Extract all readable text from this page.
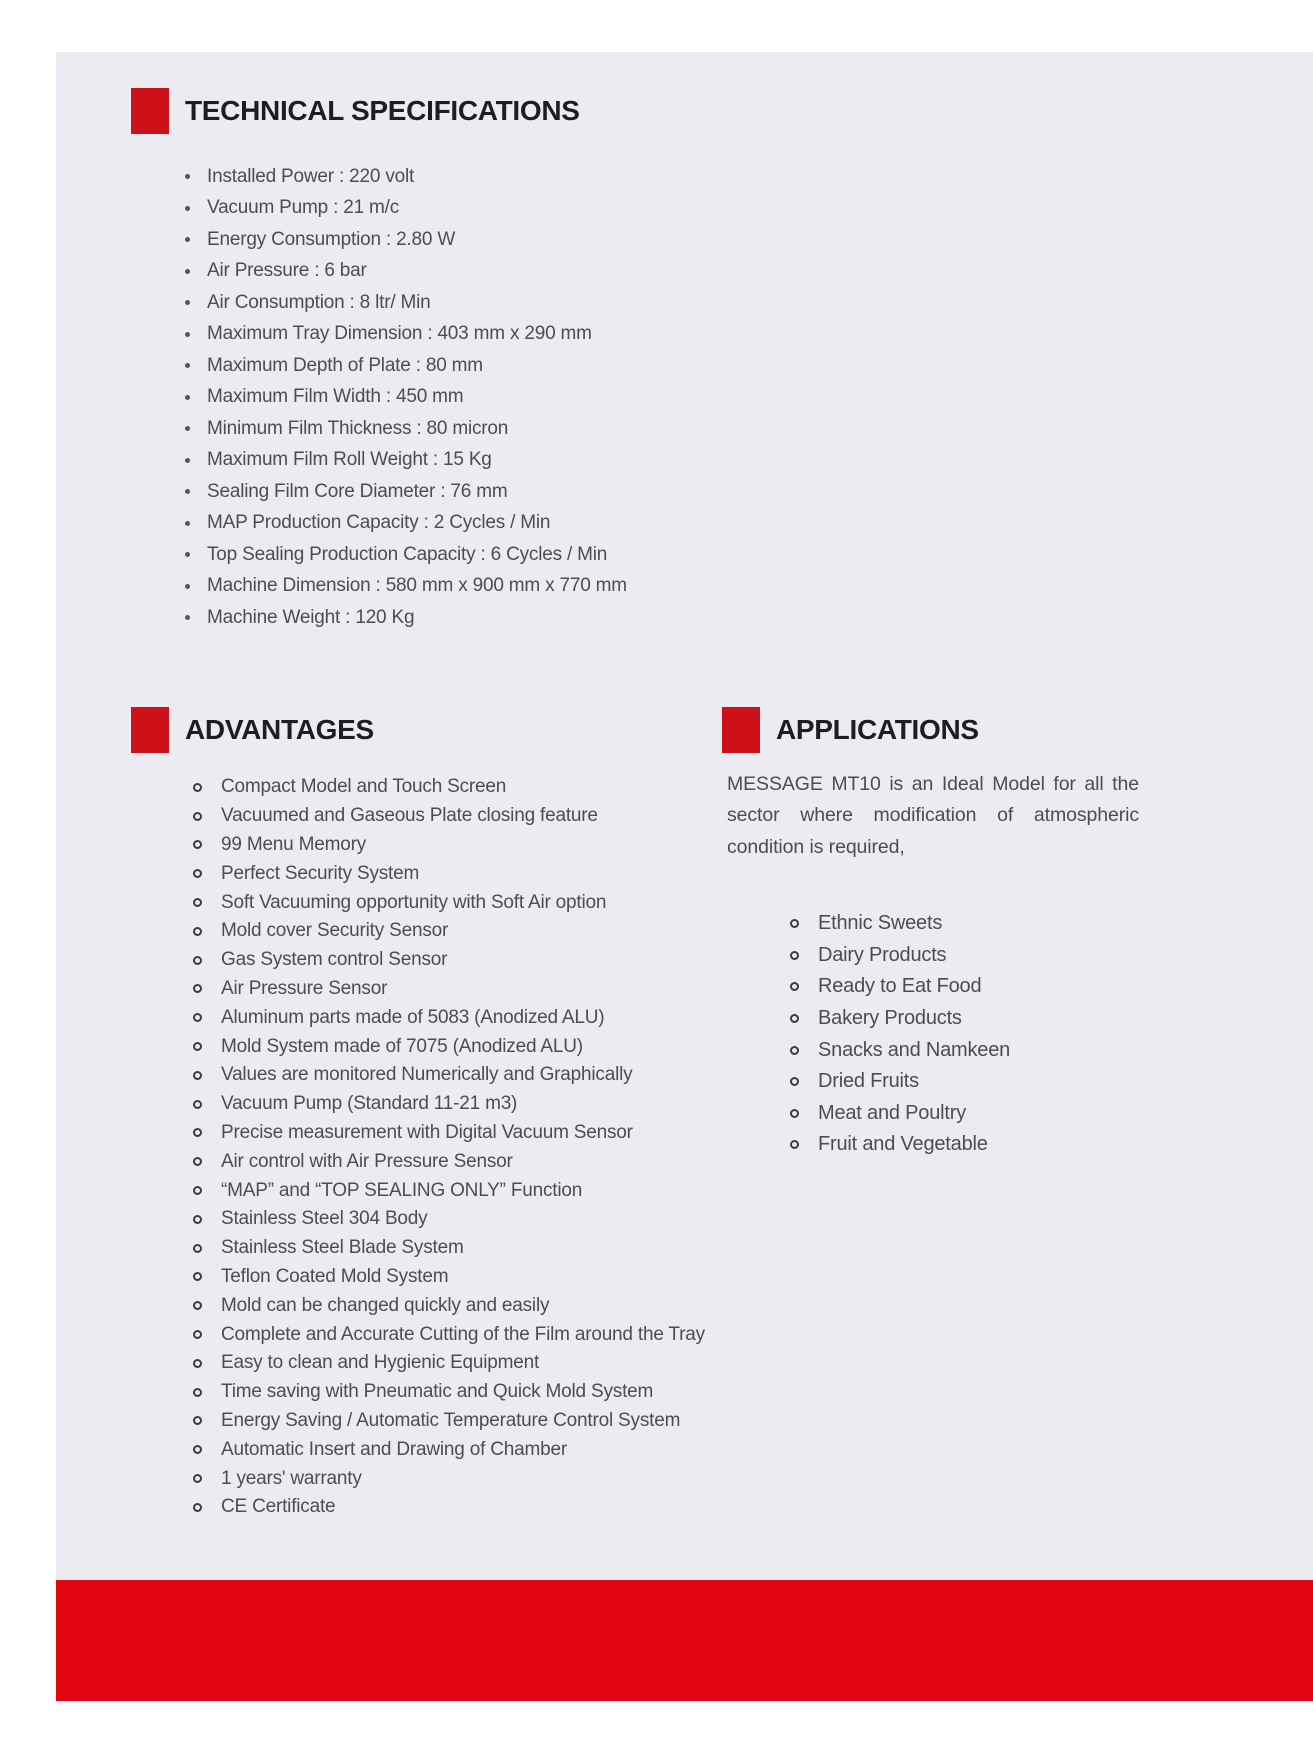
TECHNICAL SPECIFICATIONS
Installed Power : 220 volt
Vacuum Pump : 21 m/c
Energy Consumption : 2.80 W
Air Pressure : 6 bar
Air Consumption : 8 ltr/ Min
Maximum Tray Dimension : 403 mm x 290 mm
Maximum Depth of Plate : 80 mm
Maximum Film Width : 450 mm
Minimum Film Thickness : 80 micron
Maximum Film Roll Weight : 15 Kg
Sealing Film Core Diameter : 76 mm
MAP Production Capacity : 2 Cycles / Min
Top Sealing Production Capacity : 6 Cycles / Min
Machine Dimension : 580 mm x 900 mm x 770 mm
Machine Weight : 120 Kg
ADVANTAGES
Compact Model and Touch Screen
Vacuumed and Gaseous Plate closing feature
99 Menu Memory
Perfect Security System
Soft Vacuuming opportunity with Soft Air option
Mold cover Security Sensor
Gas System control Sensor
Air Pressure Sensor
Aluminum parts made of 5083 (Anodized ALU)
Mold System made of 7075 (Anodized ALU)
Values are monitored Numerically and Graphically
Vacuum Pump (Standard 11-21 m3)
Precise measurement with Digital Vacuum Sensor
Air control with Air Pressure Sensor
“MAP” and “TOP SEALING ONLY” Function
Stainless Steel 304 Body
Stainless Steel Blade System
Teflon Coated Mold System
Mold can be changed quickly and easily
Complete and Accurate Cutting of the Film around the Tray
Easy to clean and Hygienic Equipment
Time saving with Pneumatic and Quick Mold System
Energy Saving / Automatic Temperature Control System
Automatic Insert and Drawing of Chamber
1 years' warranty
CE Certificate
APPLICATIONS

MESSAGE MT10 is an Ideal Model for all the sector where modification of atmospheric condition is required,

Ethnic Sweets
Dairy Products
Ready to Eat Food
Bakery Products
Snacks and Namkeen
Dried Fruits
Meat and Poultry
Fruit and Vegetable
